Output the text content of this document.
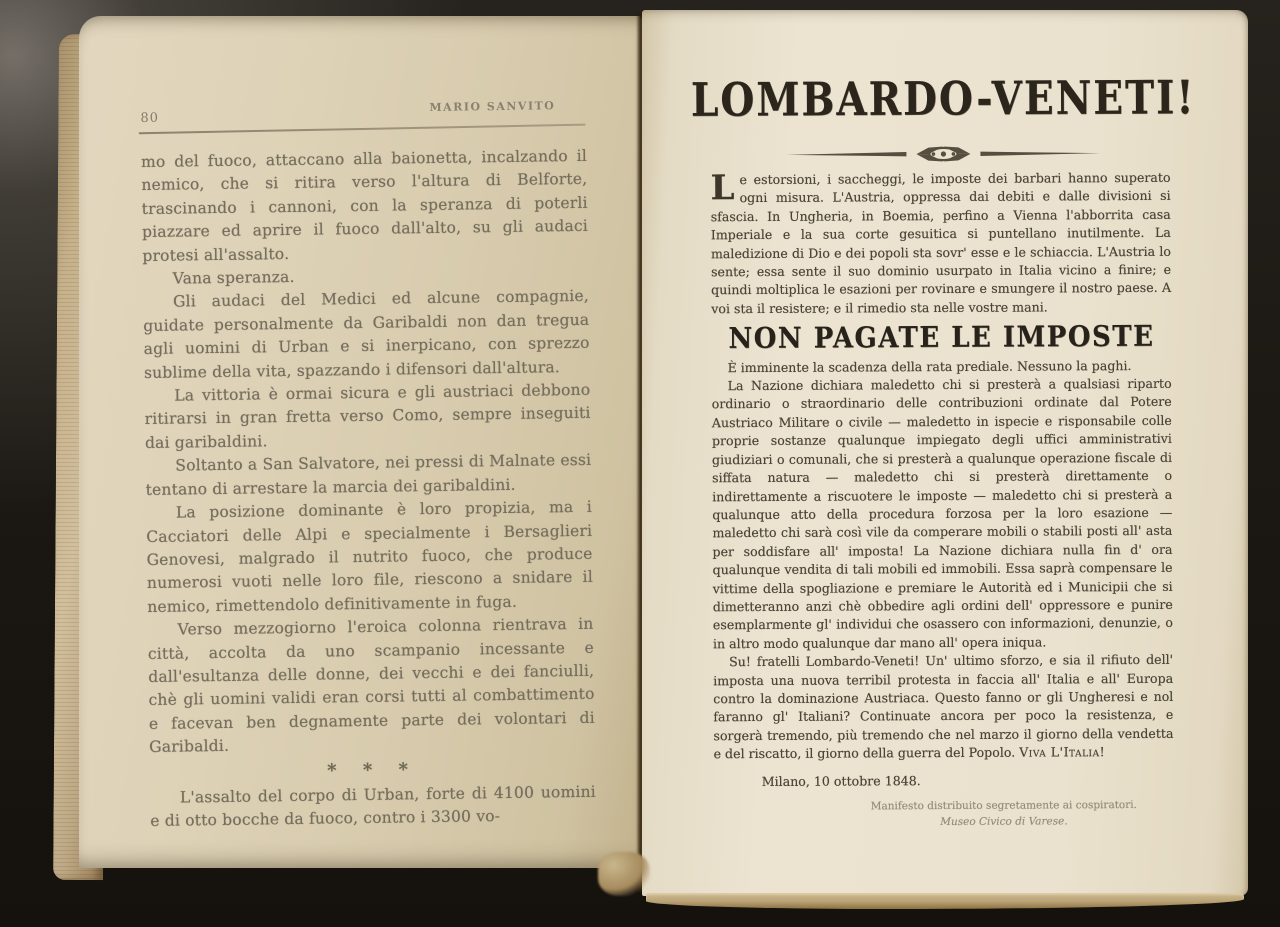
80
MARIO SANVITO

mo del fuoco, attaccano alla baionetta, incalzando il nemico, che si ritira verso l'altura di Belforte, trascinando i cannoni, con la speranza di poterli piazzare ed aprire il fuoco dall'alto, su gli audaci protesi all'assalto.

Vana speranza.

Gli audaci del Medici ed alcune compagnie, guidate personalmente da Garibaldi non dan tregua agli uomini di Urban e si inerpicano, con sprezzo sublime della vita, spazzando i difensori dall'altura.

La vittoria è ormai sicura e gli austriaci debbono ritirarsi in gran fretta verso Como, sempre inseguiti dai garibaldini.

Soltanto a San Salvatore, nei pressi di Malnate essi tentano di arrestare la marcia dei garibaldini.

La posizione dominante è loro propizia, ma i Cacciatori delle Alpi e specialmente i Bersaglieri Genovesi, malgrado il nutrito fuoco, che produce numerosi vuoti nelle loro file, riescono a snidare il nemico, rimettendolo definitivamente in fuga.

Verso mezzogiorno l'eroica colonna rientrava in città, accolta da uno scampanio incessante e dall'esultanza delle donne, dei vecchi e dei fanciulli, chè gli uomini validi eran corsi tutti al combattimento e facevan ben degnamente parte dei volontari di Garibaldi.

* * *

L'assalto del corpo di Urban, forte di 4100 uomini e di otto bocche da fuoco, contro i 3300 vo-

LOMBARDO-VENETI!

Le estorsioni, i saccheggi, le imposte dei barbari hanno superato ogni misura. L'Austria, oppressa dai debiti e dalle divisioni si sfascia. In Ungheria, in Boemia, perfino a Vienna l'abborrita casa Imperiale e la sua corte gesuitica si puntellano inutilmente. La maledizione di Dio e dei popoli sta sovr' esse e le schiaccia. L'Austria lo sente; essa sente il suo dominio usurpato in Italia vicino a finire; e quindi moltiplica le esazioni per rovinare e smungere il nostro paese. A voi sta il resistere; e il rimedio sta nelle vostre mani.

NON PAGATE LE IMPOSTE

È imminente la scadenza della rata prediale. Nessuno la paghi.

La Nazione dichiara maledetto chi si presterà a qualsiasi riparto ordinario o straordinario delle contribuzioni ordinate dal Potere Austriaco Militare o civile — maledetto in ispecie e risponsabile colle proprie sostanze qualunque impiegato degli uffici amministrativi giudiziari o comunali, che si presterà a qualunque operazione fiscale di siffata natura — maledetto chi si presterà direttamente o indirettamente a riscuotere le imposte — maledetto chi si presterà a qualunque atto della procedura forzosa per la loro esazione — maledetto chi sarà così vile da comperare mobili o stabili posti all' asta per soddisfare all' imposta! La Nazione dichiara nulla fin d' ora qualunque vendita di tali mobili ed immobili. Essa saprà compensare le vittime della spogliazione e premiare le Autorità ed i Municipii che si dimetteranno anzi chè obbedire agli ordini dell' oppressore e punire esemplarmente gl' individui che osassero con informazioni, denunzie, o in altro modo qualunque dar mano all' opera iniqua.

Su! fratelli Lombardo-Veneti! Un' ultimo sforzo, e sia il rifiuto dell' imposta una nuova terribil protesta in faccia all' Italia e all' Europa contro la dominazione Austriaca. Questo fanno or gli Ungheresi e nol faranno gl' Italiani? Continuate ancora per poco la resistenza, e sorgerà tremendo, più tremendo che nel marzo il giorno della vendetta e del riscatto, il giorno della guerra del Popolo. Viva L'Italia!

Milano, 10 ottobre 1848.

Manifesto distribuito segretamente ai cospiratori.
Museo Civico di Varese.
